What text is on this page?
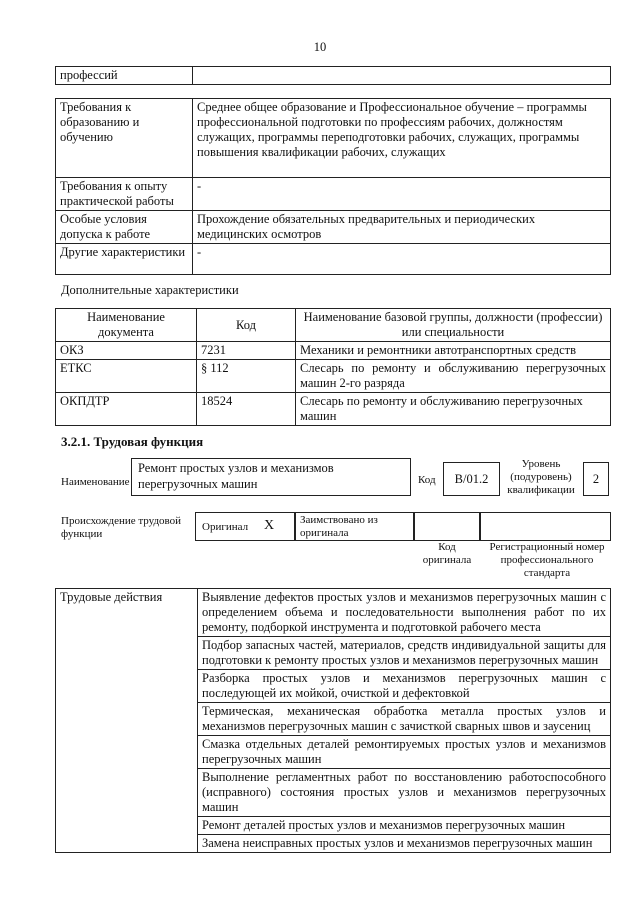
10
профессий	
Требования к образованию и обучению	Среднее общее образование и Профессиональное обучение – программы профессиональной подготовки по профессиям рабочих, должностям служащих, программы переподготовки рабочих, служащих, программы повышения квалификации рабочих, служащих
Требования к опыту практической работы	-
Особые условия допуска к работе	Прохождение обязательных предварительных и периодических медицинских осмотров
Другие характеристики	-
Дополнительные характеристики
Наименование документа	Код	Наименование базовой группы, должности (профессии) или специальности
ОКЗ	7231	Механики и ремонтники автотранспортных средств
ЕТКС	§ 112	Слесарь по ремонту и обслуживанию перегрузочных машин 2-го разряда
ОКПДТР	18524	Слесарь по ремонту и обслуживанию перегрузочных машин
3.2.1. Трудовая функция
Наименование
Ремонт простых узлов и механизмов перегрузочных машин	Код	B/01.2
Уровень (подуровень) квалификации
2
Происхождение трудовой функции
Оригинал X Заимствовано из оригинала
Код оригинала
Регистрационный номер профессионального стандарта
Трудовые действия	Выявление дефектов простых узлов и механизмов перегрузочных машин с определением объема и последовательности выполнения работ по их ремонту, подборкой инструмента и подготовкой рабочего места
Подбор запасных частей, материалов, средств индивидуальной защиты для подготовки к ремонту простых узлов и механизмов перегрузочных машин
Разборка простых узлов и механизмов перегрузочных машин с последующей их мойкой, очисткой и дефектовкой
Термическая, механическая обработка металла простых узлов и механизмов перегрузочных машин с зачисткой сварных швов и заусениц
Смазка отдельных деталей ремонтируемых простых узлов и механизмов перегрузочных машин
Выполнение регламентных работ по восстановлению работоспособного (исправного) состояния простых узлов и механизмов перегрузочных машин
Ремонт деталей простых узлов и механизмов перегрузочных машин
Замена неисправных простых узлов и механизмов перегрузочных машин
